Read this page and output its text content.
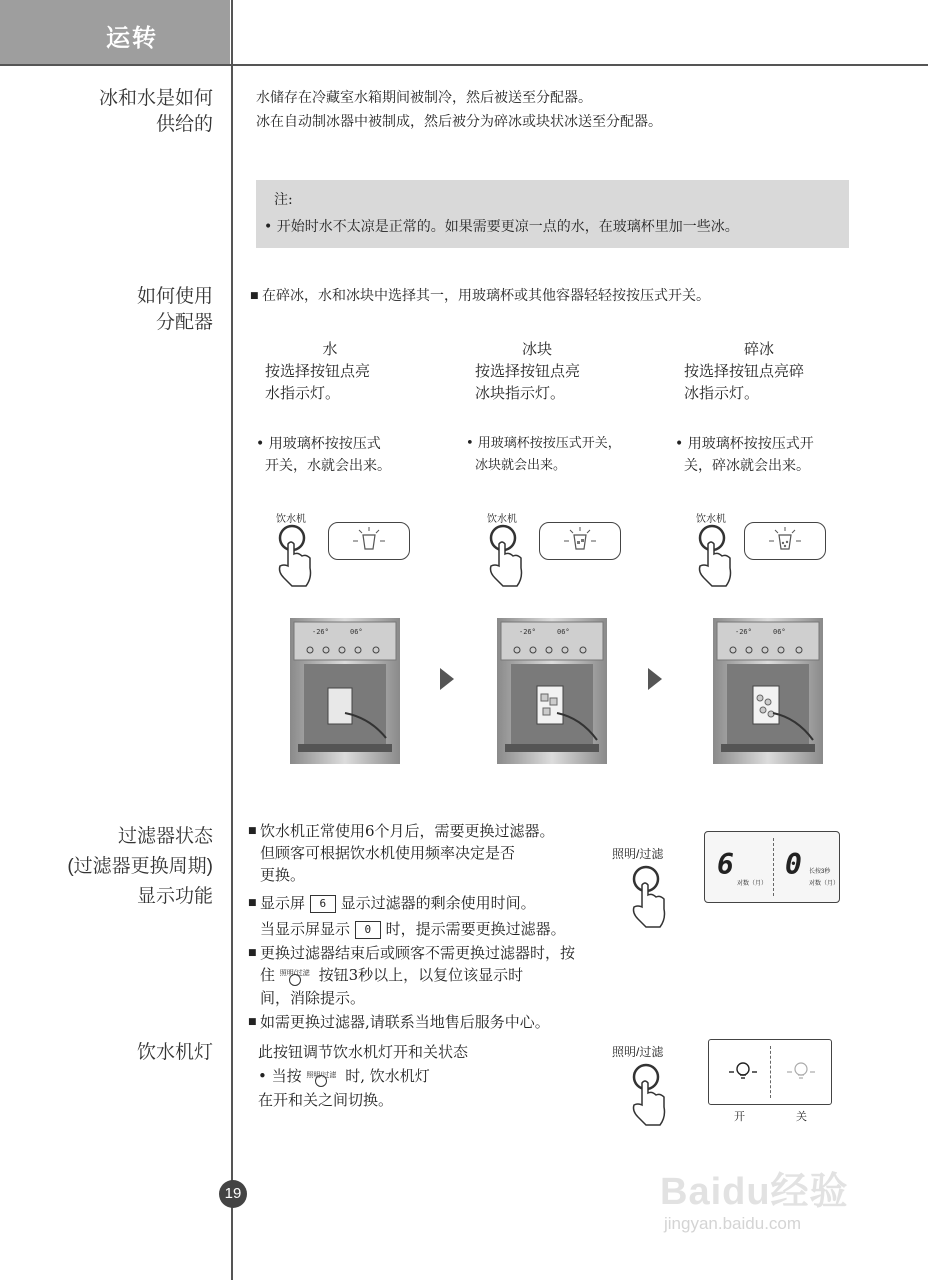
运转
冰和水是如何
供给的
水储存在冷藏室水箱期间被制冷，然后被送至分配器。
冰在自动制冰器中被制成，然后被分为碎冰或块状冰送至分配器。
注:
• 开始时水不太凉是正常的。如果需要更凉一点的水，在玻璃杯里加一些冰。
如何使用
分配器
■ 在碎冰，水和冰块中选择其一，用玻璃杯或其他容器轻轻按按压式开关。
水
按选择按钮点亮
水指示灯。
• 用玻璃杯按按压式
开关，水就会出来。
冰块
按选择按钮点亮
冰块指示灯。
• 用玻璃杯按按压式开关，
冰块就会出来。
碎冰
按选择按钮点亮碎
冰指示灯。
• 用玻璃杯按按压式开
关，碎冰就会出来。
饮水机	饮水机	饮水机
-26°	06°	-26°	06°	-26°	06°
过滤器状态
(过滤器更换周期)
显示功能
■ 饮水机正常使用6个月后，需要更换过滤器。
但顾客可根据饮水机使用频率决定是否
更换。
■ 显示屏 6 显示过滤器的剩余使用时间。
当显示屏显示 0 时，提示需要更换过滤器。
■ 更换过滤器结束后或顾客不需更换过滤器时，按
住 照明/过滤 按钮3秒以上，以复位该显示时
间，消除提示。
■ 如需更换过滤器,请联系当地售后服务中心。
照明/过滤 6
对数（月）
0 长按3秒
对数（月）
饮水机灯	此按钮调节饮水机灯开和关状态
• 当按 照明/过滤 时, 饮水机灯
在开和关之间切换。
照明/过滤
开	关
19	Baidu经验
jingyan.baidu.com
